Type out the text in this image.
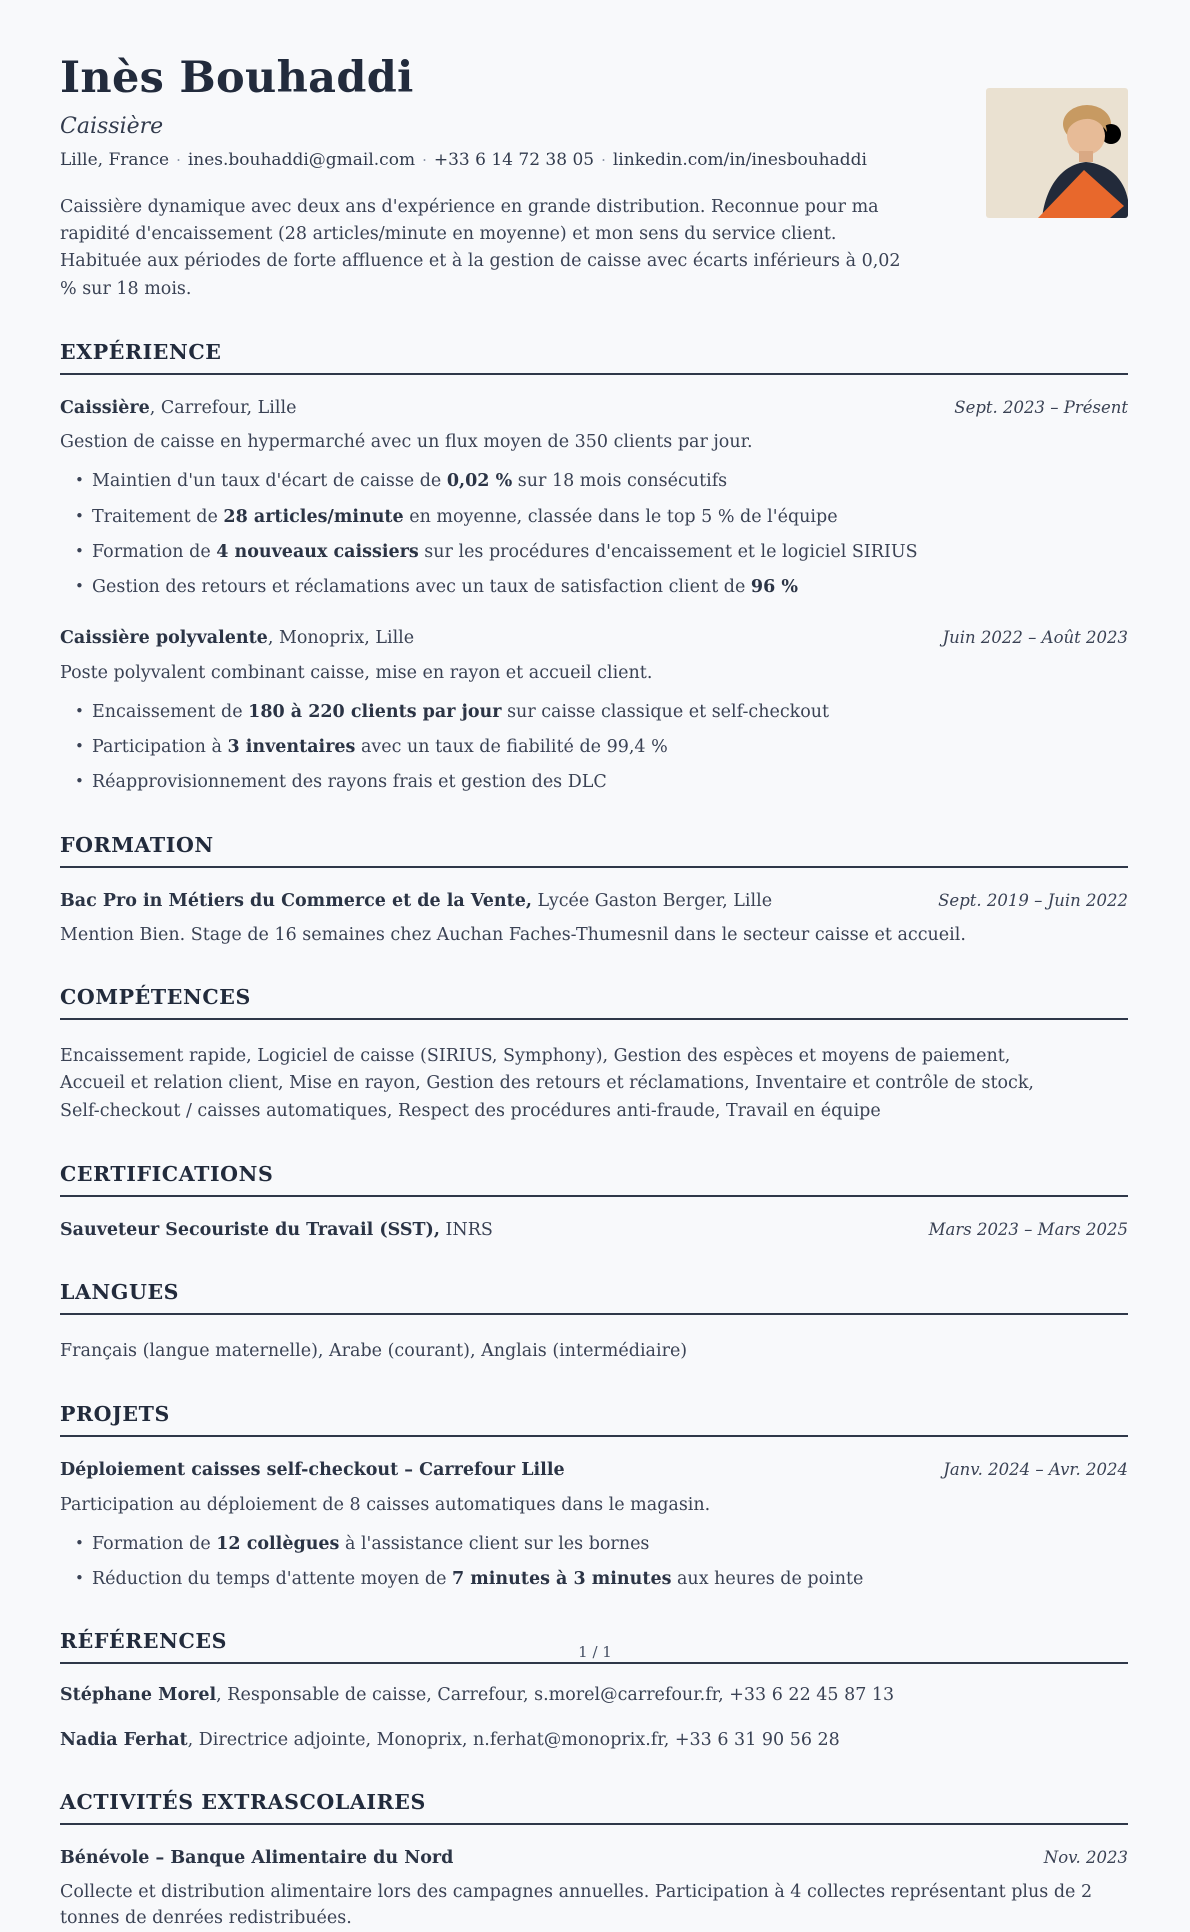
Inès Bouhaddi
Caissière
Lille, France · ines.bouhaddi@gmail.com · +33 6 14 72 38 05 · linkedin.com/in/inesbouhaddi
Caissière dynamique avec deux ans d'expérience en grande distribution. Reconnue pour ma rapidité d'encaissement (28 articles/minute en moyenne) et mon sens du service client. Habituée aux périodes de forte affluence et à la gestion de caisse avec écarts inférieurs à 0,02 % sur 18 mois.
EXPÉRIENCE
Caissière, Carrefour, Lille	Sept. 2023 – Présent
Gestion de caisse en hypermarché avec un flux moyen de 350 clients par jour.
• Maintien d'un taux d'écart de caisse de 0,02 % sur 18 mois consécutifs
• Traitement de 28 articles/minute en moyenne, classée dans le top 5 % de l'équipe
• Formation de 4 nouveaux caissiers sur les procédures d'encaissement et le logiciel SIRIUS
• Gestion des retours et réclamations avec un taux de satisfaction client de 96 %
Caissière polyvalente, Monoprix, Lille	Juin 2022 – Août 2023
Poste polyvalent combinant caisse, mise en rayon et accueil client.
• Encaissement de 180 à 220 clients par jour sur caisse classique et self-checkout
• Participation à 3 inventaires avec un taux de fiabilité de 99,4 %
• Réapprovisionnement des rayons frais et gestion des DLC
FORMATION
Bac Pro in Métiers du Commerce et de la Vente, Lycée Gaston Berger, Lille	Sept. 2019 – Juin 2022
Mention Bien. Stage de 16 semaines chez Auchan Faches-Thumesnil dans le secteur caisse et accueil.
COMPÉTENCES
Encaissement rapide, Logiciel de caisse (SIRIUS, Symphony), Gestion des espèces et moyens de paiement, Accueil et relation client, Mise en rayon, Gestion des retours et réclamations, Inventaire et contrôle de stock, Self-checkout / caisses automatiques, Respect des procédures anti-fraude, Travail en équipe
CERTIFICATIONS
Sauveteur Secouriste du Travail (SST), INRS	Mars 2023 – Mars 2025
LANGUES
Français (langue maternelle), Arabe (courant), Anglais (intermédiaire)
PROJETS
Déploiement caisses self-checkout – Carrefour Lille	Janv. 2024 – Avr. 2024
Participation au déploiement de 8 caisses automatiques dans le magasin.
• Formation de 12 collègues à l'assistance client sur les bornes
• Réduction du temps d'attente moyen de 7 minutes à 3 minutes aux heures de pointe
RÉFÉRENCES
Stéphane Morel, Responsable de caisse, Carrefour, s.morel@carrefour.fr, +33 6 22 45 87 13
Nadia Ferhat, Directrice adjointe, Monoprix, n.ferhat@monoprix.fr, +33 6 31 90 56 28
ACTIVITÉS EXTRASCOLAIRES
Bénévole – Banque Alimentaire du Nord	Nov. 2023
Collecte et distribution alimentaire lors des campagnes annuelles. Participation à 4 collectes représentant plus de 2 tonnes de denrées redistribuées.
1 / 1
